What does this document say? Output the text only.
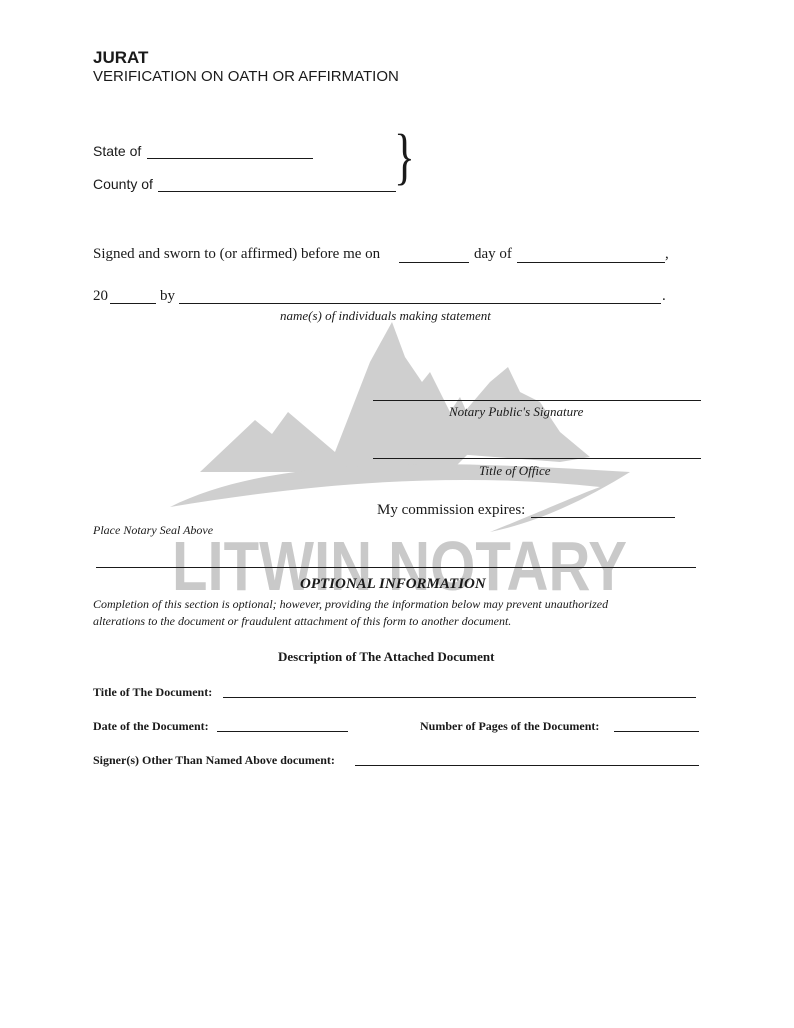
LITWIN NOTARY
JURAT
VERIFICATION ON OATH OR AFFIRMATION
State of
County of	}
Signed and sworn to (or affirmed) before me on	day of	,
20	by	.
name(s) of individuals making statement
Notary Public's Signature
Title of Office
My commission expires:
Place Notary Seal Above
OPTIONAL INFORMATION
Completion of this section is optional; however, providing the information below may prevent unauthorized
alterations to the document or fraudulent attachment of this form to another document.
Description of The Attached Document
Title of The Document:
Date of the Document:	Number of Pages of the Document:
Signer(s) Other Than Named Above document:
